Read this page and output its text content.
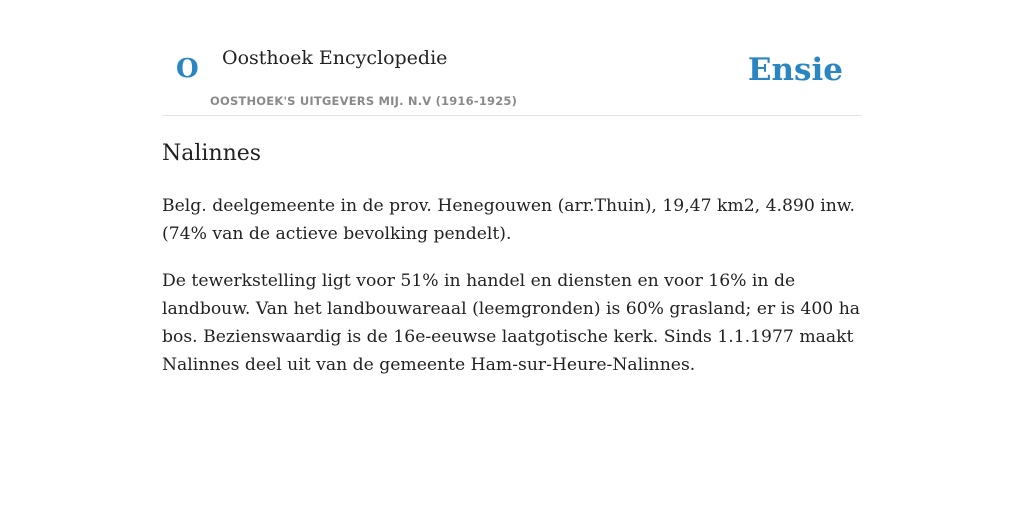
O Oosthoek Encyclopedie
OOSTHOEK'S UITGEVERS MIJ. N.V (1916-1925)
Ensie
Nalinnes

Belg. deelgemeente in de prov. Henegouwen (arr.Thuin), 19,47 km2, 4.890 inw. (74% van de actieve bevolking pendelt).

De tewerkstelling ligt voor 51% in handel en diensten en voor 16% in de landbouw. Van het landbouwareaal (leemgronden) is 60% grasland; er is 400 ha bos. Bezienswaardig is de 16e-eeuwse laatgotische kerk. Sinds 1.1.1977 maakt Nalinnes deel uit van de gemeente Ham-sur-Heure-Nalinnes.
